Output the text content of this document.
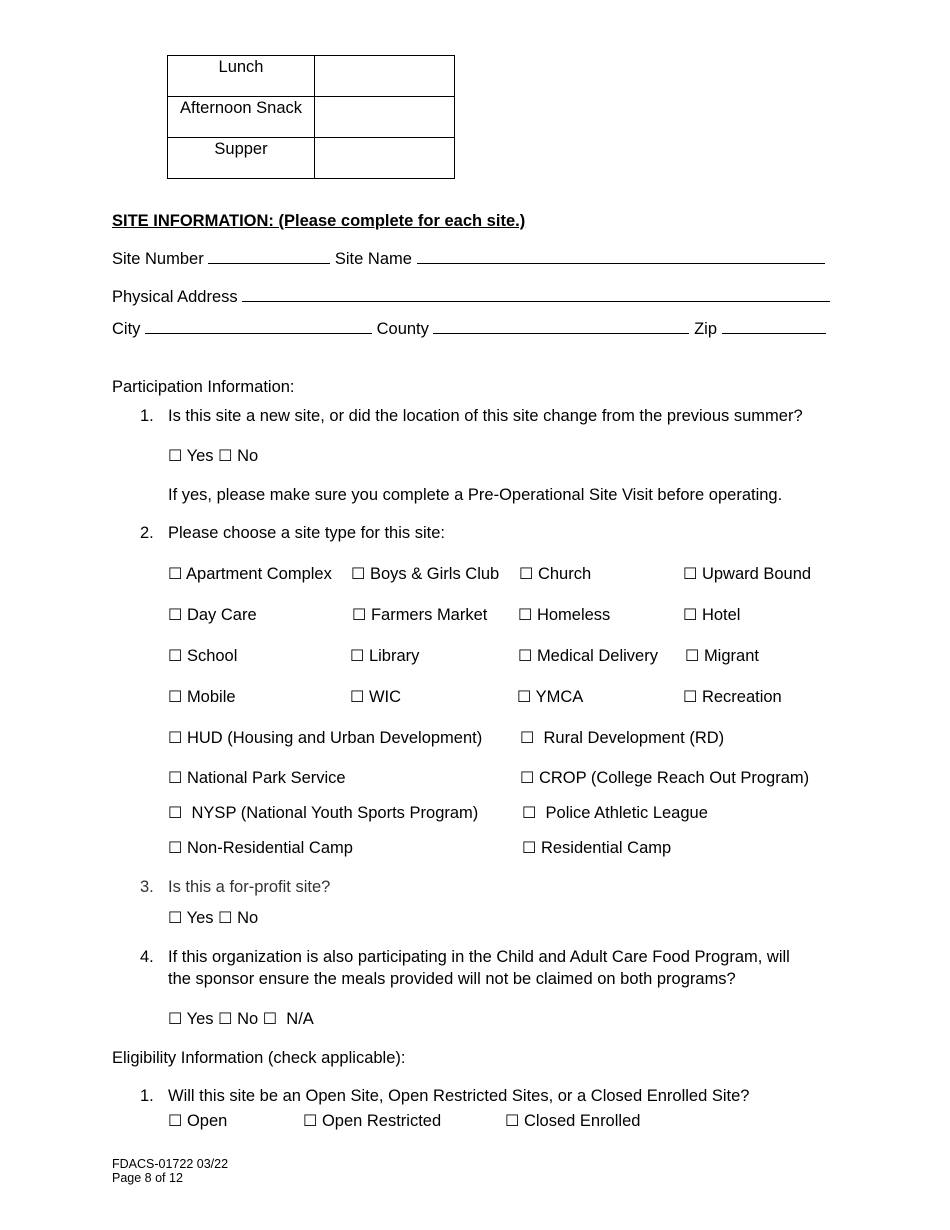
Lunch	
Afternoon Snack	
Supper	
SITE INFORMATION: (Please complete for each site.)
Site Number	Site Name
Physical Address
City	County	Zip
Participation Information:
1. Is this site a new site, or did the location of this site change from the previous summer?
☐ Yes ☐ No
If yes, please make sure you complete a Pre-Operational Site Visit before operating.
2. Please choose a site type for this site:
☐ Apartment Complex ☐ Boys & Girls Club ☐ Church	☐ Upward Bound
☐ Day Care	☐ Farmers Market ☐ Homeless	☐ Hotel
☐ School	☐ Library	☐ Medical Delivery ☐ Migrant
☐ Mobile	☐ WIC	☐ YMCA	☐ Recreation
☐ HUD (Housing and Urban Development) ☐ Rural Development (RD)
☐ National Park Service	☐ CROP (College Reach Out Program)
☐ NYSP (National Youth Sports Program)	☐ Police Athletic League
☐ Non-Residential Camp	☐ Residential Camp
3. Is this a for-profit site?
☐ Yes ☐ No
4. If this organization is also participating in the Child and Adult Care Food Program, will
the sponsor ensure the meals provided will not be claimed on both programs?
☐ Yes ☐ No ☐ N/A
Eligibility Information (check applicable):
1. Will this site be an Open Site, Open Restricted Sites, or a Closed Enrolled Site?
☐ Open	☐ Open Restricted	☐ Closed Enrolled
FDACS-01722 03/22
Page 8 of 12
